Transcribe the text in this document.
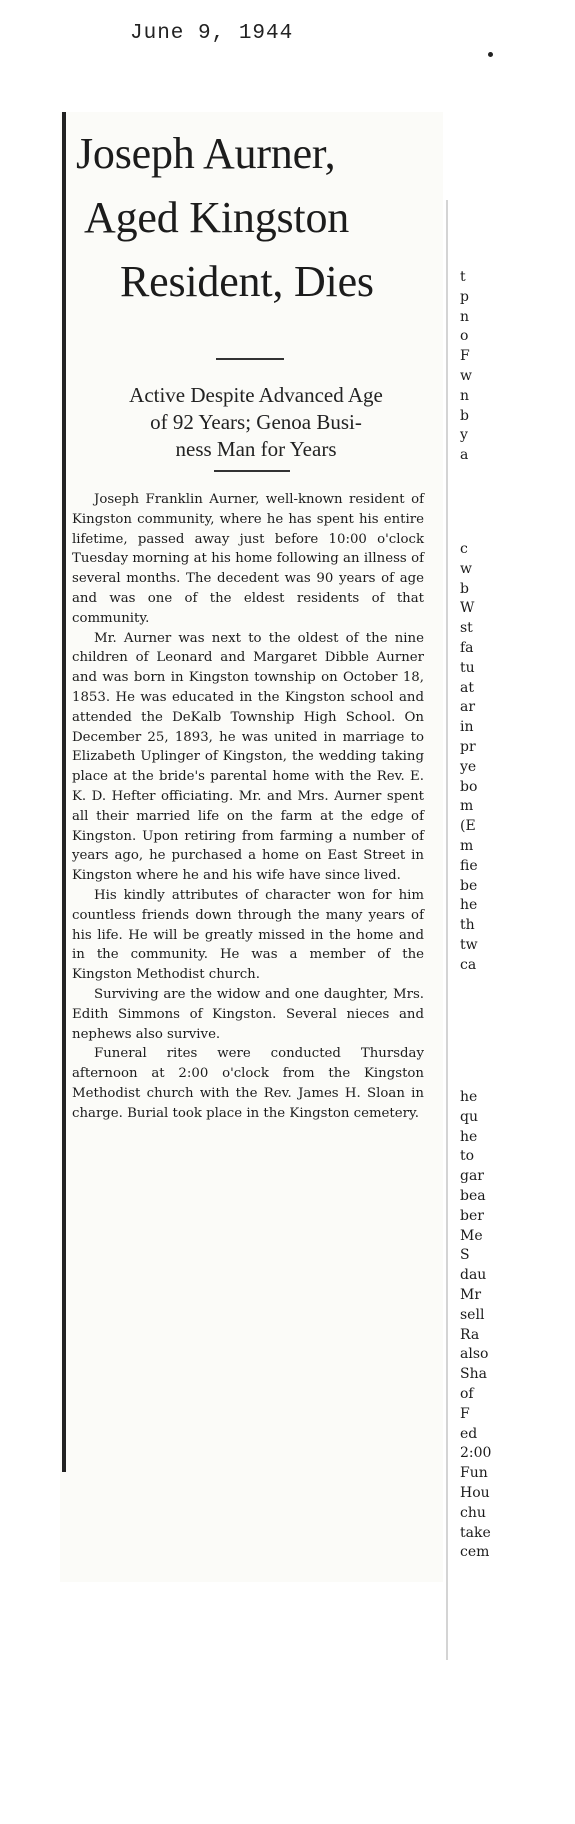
June 9, 1944
Joseph Aurner,
Aged Kingston
Resident, Dies
Active Despite Advanced Age
of 92 Years; Genoa Busi-
ness Man for Years

Joseph Franklin Aurner, well-known resident of Kingston community, where he has spent his entire lifetime, passed away just before 10:00 o'clock Tuesday morning at his home following an illness of several months. The decedent was 90 years of age and was one of the eldest residents of that community.

Mr. Aurner was next to the oldest of the nine children of Leonard and Margaret Dibble Aurner and was born in Kingston township on October 18, 1853. He was educated in the Kingston school and attended the DeKalb Township High School. On December 25, 1893, he was united in marriage to Elizabeth Uplinger of Kingston, the wedding taking place at the bride's parental home with the Rev. E. K. D. Hefter officiating. Mr. and Mrs. Aurner spent all their married life on the farm at the edge of Kingston. Upon retiring from farming a number of years ago, he purchased a home on East Street in Kingston where he and his wife have since lived.

His kindly attributes of character won for him countless friends down through the many years of his life. He will be greatly missed in the home and in the community. He was a member of the Kingston Methodist church.

Surviving are the widow and one daughter, Mrs. Edith Simmons of Kingston. Several nieces and nephews also survive.

Funeral rites were conducted Thursday afternoon at 2:00 o'clock from the Kingston Methodist church with the Rev. James H. Sloan in charge. Burial took place in the Kingston cemetery.

t
p
n
o
F
w
n
b
y
a
c
w
b
W
st
fa
tu
at
ar
in
pr
ye
bo
m
(E
m
fie
be
he
th
tw
ca
he
qu
he
to
gar
bea
ber
Me
S
dau
Mr
sell
Ra
also
Sha
of
F
ed
2:00
Fun
Hou
chu
take
cem
